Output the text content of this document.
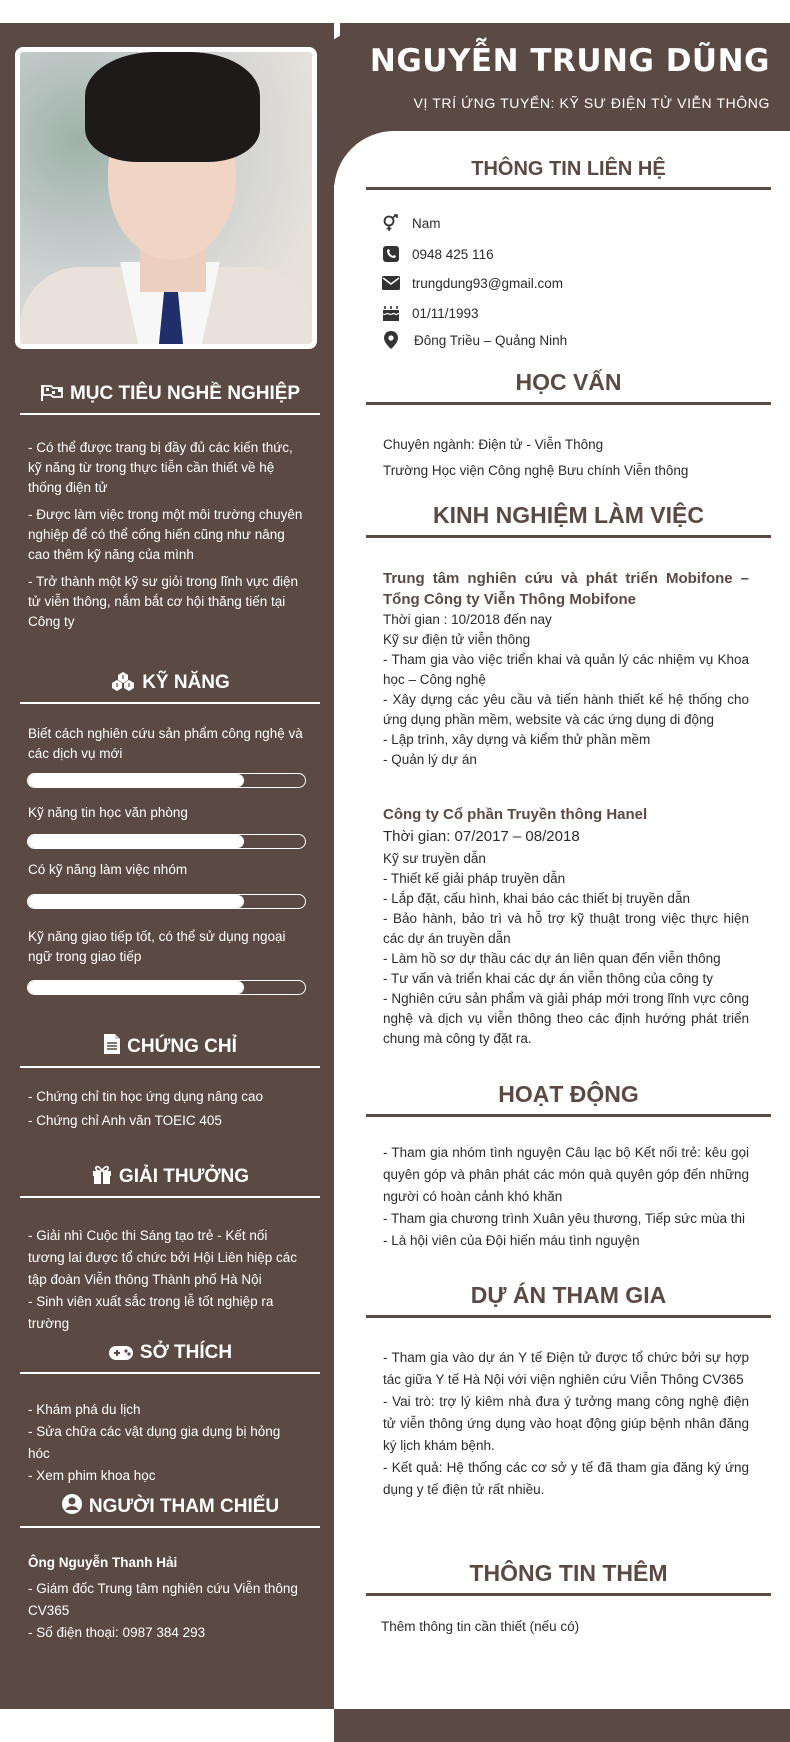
NGUYỄN TRUNG DŨNG
VỊ TRÍ ỨNG TUYỂN: KỸ SƯ ĐIỆN TỬ VIỄN THÔNG
MỤC TIÊU NGHỀ NGHIỆP

- Có thể được trang bị đầy đủ các kiến thức, kỹ năng từ trong thực tiễn cần thiết về hệ thống điện tử

- Được làm việc trong một môi trường chuyên nghiệp để có thể cống hiến cũng như nâng cao thêm kỹ năng của mình

- Trở thành một kỹ sư giỏi trong lĩnh vực điện tử viễn thông, nắm bắt cơ hội thăng tiến tại Công ty

KỸ NĂNG
Biết cách nghiên cứu sản phẩm công nghệ và các dịch vụ mới
Kỹ năng tin học văn phòng
Có kỹ năng làm việc nhóm
Kỹ năng giao tiếp tốt, có thể sử dụng ngoại ngữ trong giao tiếp
CHỨNG CHỈ

- Chứng chỉ tin học ứng dụng nâng cao

- Chứng chỉ Anh văn TOEIC 405

GIẢI THƯỞNG

- Giải nhì Cuộc thi Sáng tạo trẻ - Kết nối tương lai được tổ chức bởi Hội Liên hiệp các tập đoàn Viễn thông Thành phố Hà Nội

- Sinh viên xuất sắc trong lễ tốt nghiệp ra trường

SỞ THÍCH

- Khám phá du lịch

- Sửa chữa các vật dụng gia dụng bị hỏng hóc

- Xem phim khoa học

NGƯỜI THAM CHIẾU

Ông Nguyễn Thanh Hải

- Giám đốc Trung tâm nghiên cứu Viễn thông CV365

- Số điện thoại: 0987 384 293

THÔNG TIN LIÊN HỆ
Nam
0948 425 116
trungdung93@gmail.com
01/11/1993
Đông Triều – Quảng Ninh
HỌC VẤN

Chuyên ngành: Điện tử - Viễn Thông

Trường Học viện Công nghệ Bưu chính Viễn thông

KINH NGHIỆM LÀM VIỆC
Trung tâm nghiên cứu và phát triển Mobifone – Tổng Công ty Viễn Thông Mobifone

Thời gian : 10/2018 đến nay

Kỹ sư điện tử viễn thông

- Tham gia vào việc triển khai và quản lý các nhiệm vụ Khoa học – Công nghệ

- Xây dựng các yêu cầu và tiến hành thiết kế hệ thống cho ứng dụng phần mềm, website và các ứng dụng di động

- Lập trình, xây dựng và kiểm thử phần mềm

- Quản lý dự án

Công ty Cổ phần Truyền thông Hanel

Thời gian: 07/2017 – 08/2018

Kỹ sư truyền dẫn

- Thiết kế giải pháp truyền dẫn

- Lắp đặt, cấu hình, khai báo các thiết bị truyền dẫn

- Bảo hành, bảo trì và hỗ trợ kỹ thuật trong việc thực hiện các dự án truyền dẫn

- Làm hồ sơ dự thầu các dự án liên quan đến viễn thông

- Tư vấn và triển khai các dự án viễn thông của công ty

- Nghiên cứu sản phẩm và giải pháp mới trong lĩnh vực công nghệ và dịch vụ viễn thông theo các định hướng phát triển chung mà công ty đặt ra.

HOẠT ĐỘNG

- Tham gia nhóm tình nguyện Câu lạc bộ Kết nối trẻ: kêu gọi quyên góp và phân phát các món quà quyên góp đến những người có hoàn cảnh khó khăn

- Tham gia chương trình Xuân yêu thương, Tiếp sức mùa thi

- Là hội viên của Đội hiến máu tình nguyện

DỰ ÁN THAM GIA

- Tham gia vào dự án Y tế Điện tử được tổ chức bởi sự hợp tác giữa Y tế Hà Nội với viện nghiên cứu Viễn Thông CV365

- Vai trò: trợ lý kiêm nhà đưa ý tưởng mang công nghệ điện tử viễn thông ứng dụng vào hoạt động giúp bệnh nhân đăng ký lịch khám bệnh.

- Kết quả: Hệ thống các cơ sở y tế đã tham gia đăng ký ứng dụng y tế điện tử rất nhiều.

THÔNG TIN THÊM
Thêm thông tin cần thiết (nếu có)
